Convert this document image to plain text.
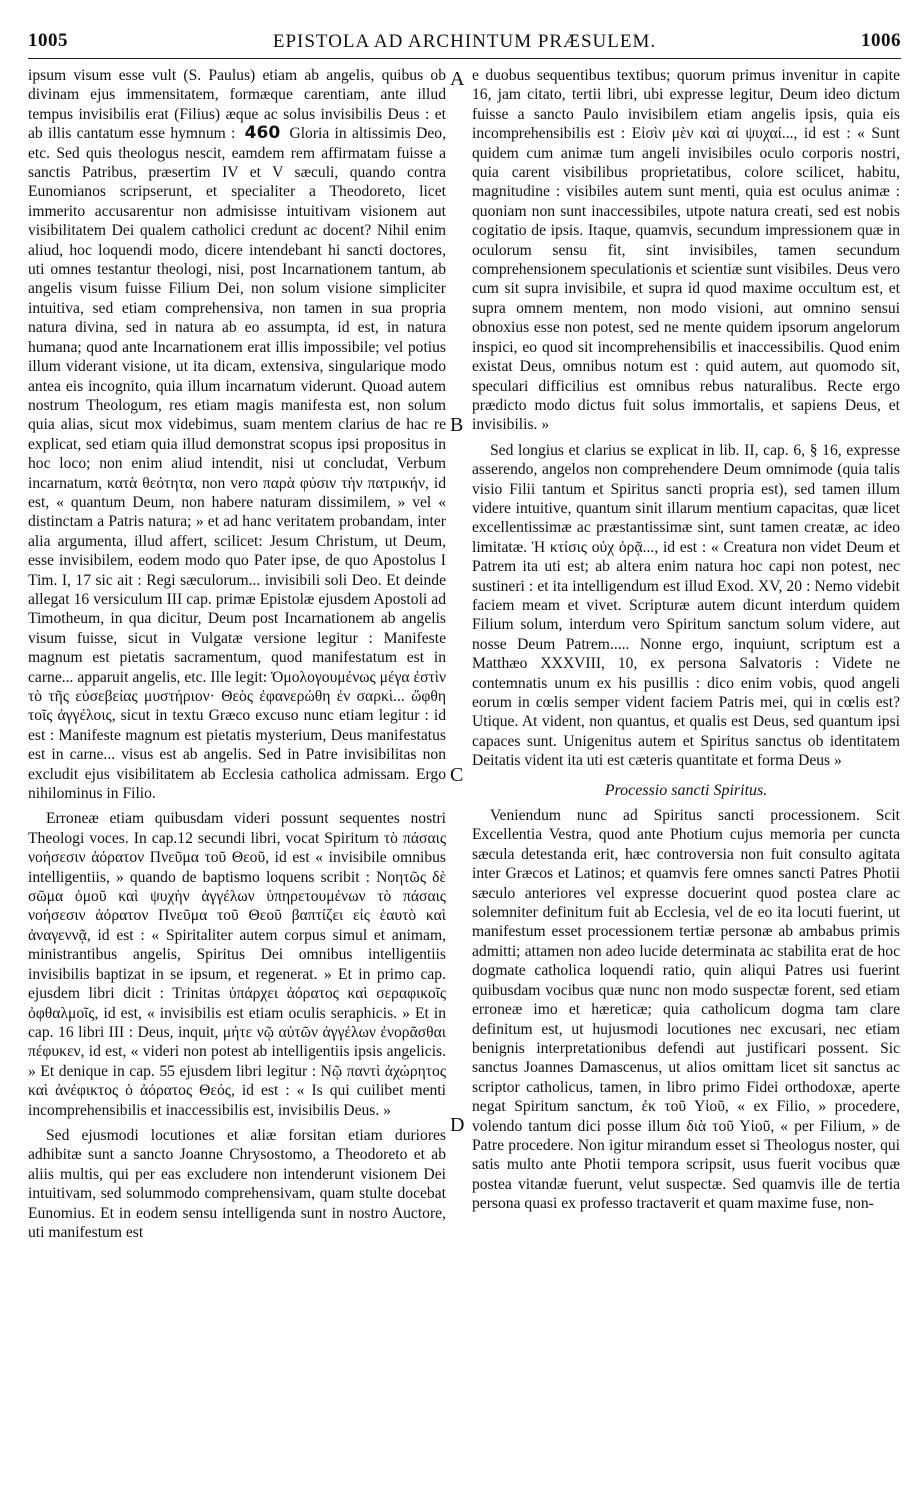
1005	EPISTOLA AD ARCHINTUM PRÆSULEM.	1006
A
B
C
D

ipsum visum esse vult (S. Paulus) etiam ab angelis, quibus ob divinam ejus immensitatem, formæque carentiam, ante illud tempus invisibilis erat (Filius) æque ac solus invisibilis Deus : et ab illis cantatum esse hymnum : 460 Gloria in altissimis Deo, etc. Sed quis theologus nescit, eamdem rem affirmatam fuisse a sanctis Patribus, præsertim IV et V sæculi, quando contra Eunomianos scripserunt, et specialiter a Theodoreto, licet immerito accusarentur non admisisse intuitivam visionem aut visibilitatem Dei qualem catholici credunt ac docent? Nihil enim aliud, hoc loquendi modo, dicere intendebant hi sancti doctores, uti omnes testantur theologi, nisi, post Incarnationem tantum, ab angelis visum fuisse Filium Dei, non solum visione simpliciter intuitiva, sed etiam comprehensiva, non tamen in sua propria natura divina, sed in natura ab eo assumpta, id est, in natura humana; quod ante Incarnationem erat illis impossibile; vel potius illum viderant visione, ut ita dicam, extensiva, singularique modo antea eis incognito, quia illum incarnatum viderunt. Quoad autem nostrum Theologum, res etiam magis manifesta est, non solum quia alias, sicut mox videbimus, suam mentem clarius de hac re explicat, sed etiam quia illud demonstrat scopus ipsi propositus in hoc loco; non enim aliud intendit, nisi ut concludat, Verbum incarnatum, κατὰ θεότητα, non vero παρὰ φύσιν τὴν πατρικήν, id est, « quantum Deum, non habere naturam dissimilem, » vel « distinctam a Patris natura; » et ad hanc veritatem probandam, inter alia argumenta, illud affert, scilicet: Jesum Christum, ut Deum, esse invisibilem, eodem modo quo Pater ipse, de quo Apostolus I Tim. I, 17 sic ait : Regi sæculorum... invisibili soli Deo. Et deinde allegat 16 versiculum III cap. primæ Epistolæ ejusdem Apostoli ad Timotheum, in qua dicitur, Deum post Incarnationem ab angelis visum fuisse, sicut in Vulgatæ versione legitur : Manifeste magnum est pietatis sacramentum, quod manifestatum est in carne... apparuit angelis, etc. Ille legit: Ὁμολογουμένως μέγα ἐστὶν τὸ τῆς εὐσεβείας μυστήριον· Θεὸς ἐφανερώθη ἐν σαρκὶ... ὤφθη τοῖς ἀγγέλοις, sicut in textu Græco excuso nunc etiam legitur : id est : Manifeste magnum est pietatis mysterium, Deus manifestatus est in carne... visus est ab angelis. Sed in Patre invisibilitas non excludit ejus visibilitatem ab Ecclesia catholica admissam. Ergo nihilominus in Filio.

Erroneæ etiam quibusdam videri possunt sequentes nostri Theologi voces. In cap.12 secundi libri, vocat Spiritum τὸ πάσαις νοήσεσιν ἀόρατον Πνεῦμα τοῦ Θεοῦ, id est « invisibile omnibus intelligentiis, » quando de baptismo loquens scribit : Νοητῶς δὲ σῶμα ὁμοῦ καὶ ψυχὴν ἀγγέλων ὑπηρετουμένων τὸ πάσαις νοήσεσιν ἀόρατον Πνεῦμα τοῦ Θεοῦ βαπτίζει εἰς ἑαυτὸ καὶ ἀναγεννᾷ, id est : « Spiritaliter autem corpus simul et animam, ministrantibus angelis, Spiritus Dei omnibus intelligentiis invisibilis baptizat in se ipsum, et regenerat. » Et in primo cap. ejusdem libri dicit : Trinitas ὑπάρχει ἀόρατος καὶ σεραφικοῖς ὀφθαλμοῖς, id est, « invisibilis est etiam oculis seraphicis. » Et in cap. 16 libri III : Deus, inquit, μήτε νῷ αὐτῶν ἀγγέλων ἐνορᾶσθαι πέφυκεν, id est, « videri non potest ab intelligentiis ipsis angelicis. » Et denique in cap. 55 ejusdem libri legitur : Νῷ παντὶ ἀχώρητος καὶ ἀνέφικτος ὁ ἀόρατος Θεός, id est : « Is qui cuilibet menti incomprehensibilis et inaccessibilis est, invisibilis Deus. »

Sed ejusmodi locutiones et aliæ forsitan etiam duriores adhibitæ sunt a sancto Joanne Chrysostomo, a Theodoreto et ab aliis multis, qui per eas excludere non intenderunt visionem Dei intuitivam, sed solummodo comprehensivam, quam stulte docebat Eunomius. Et in eodem sensu intelligenda sunt in nostro Auctore, uti manifestum est

e duobus sequentibus textibus; quorum primus invenitur in capite 16, jam citato, tertii libri, ubi expresse legitur, Deum ideo dictum fuisse a sancto Paulo invisibilem etiam angelis ipsis, quia eis incomprehensibilis est : Εἰσὶν μὲν καὶ αἱ ψυχαί..., id est : « Sunt quidem cum animæ tum angeli invisibiles oculo corporis nostri, quia carent visibilibus proprietatibus, colore scilicet, habitu, magnitudine : visibiles autem sunt menti, quia est oculus animæ : quoniam non sunt inaccessibiles, utpote natura creati, sed est nobis cogitatio de ipsis. Itaque, quamvis, secundum impressionem quæ in oculorum sensu fit, sint invisibiles, tamen secundum comprehensionem speculationis et scientiæ sunt visibiles. Deus vero cum sit supra invisibile, et supra id quod maxime occultum est, et supra omnem mentem, non modo visioni, aut omnino sensui obnoxius esse non potest, sed ne mente quidem ipsorum angelorum inspici, eo quod sit incomprehensibilis et inaccessibilis. Quod enim existat Deus, omnibus notum est : quid autem, aut quomodo sit, speculari difficilius est omnibus rebus naturalibus. Recte ergo prædicto modo dictus fuit solus immortalis, et sapiens Deus, et invisibilis. »

Sed longius et clarius se explicat in lib. II, cap. 6, § 16, expresse asserendo, angelos non comprehendere Deum omnimode (quia talis visio Filii tantum et Spiritus sancti propria est), sed tamen illum videre intuitive, quantum sinit illarum mentium capacitas, quæ licet excellentissimæ ac præstantissimæ sint, sunt tamen creatæ, ac ideo limitatæ. Ἡ κτίσις οὐχ ὁρᾷ..., id est : « Creatura non videt Deum et Patrem ita uti est; ab altera enim natura hoc capi non potest, nec sustineri : et ita intelligendum est illud Exod. XV, 20 : Nemo videbit faciem meam et vivet. Scripturæ autem dicunt interdum quidem Filium solum, interdum vero Spiritum sanctum solum videre, aut nosse Deum Patrem..... Nonne ergo, inquiunt, scriptum est a Matthæo XXXVIII, 10, ex persona Salvatoris : Videte ne contemnatis unum ex his pusillis : dico enim vobis, quod angeli eorum in cœlis semper vident faciem Patris mei, qui in cœlis est? Utique. At vident, non quantus, et qualis est Deus, sed quantum ipsi capaces sunt. Unigenitus autem et Spiritus sanctus ob identitatem Deitatis vident ita uti est cæteris quantitate et forma Deus »

Processio sancti Spiritus.

Veniendum nunc ad Spiritus sancti processionem. Scit Excellentia Vestra, quod ante Photium cujus memoria per cuncta sæcula detestanda erit, hæc controversia non fuit consulto agitata inter Græcos et Latinos; et quamvis fere omnes sancti Patres Photii sæculo anteriores vel expresse docuerint quod postea clare ac solemniter definitum fuit ab Ecclesia, vel de eo ita locuti fuerint, ut manifestum esset processionem tertiæ personæ ab ambabus primis admitti; attamen non adeo lucide determinata ac stabilita erat de hoc dogmate catholica loquendi ratio, quin aliqui Patres usi fuerint quibusdam vocibus quæ nunc non modo suspectæ forent, sed etiam erroneæ imo et hæreticæ; quia catholicum dogma tam clare definitum est, ut hujusmodi locutiones nec excusari, nec etiam benignis interpretationibus defendi aut justificari possent. Sic sanctus Joannes Damascenus, ut alios omittam licet sit sanctus ac scriptor catholicus, tamen, in libro primo Fidei orthodoxæ, aperte negat Spiritum sanctum, ἐκ τοῦ Υἱοῦ, « ex Filio, » procedere, volendo tantum dici posse illum διὰ τοῦ Υἱοῦ, « per Filium, » de Patre procedere. Non igitur mirandum esset si Theologus noster, qui satis multo ante Photii tempora scripsit, usus fuerit vocibus quæ postea vitandæ fuerunt, velut suspectæ. Sed quamvis ille de tertia persona quasi ex professo tractaverit et quam maxime fuse, non-
